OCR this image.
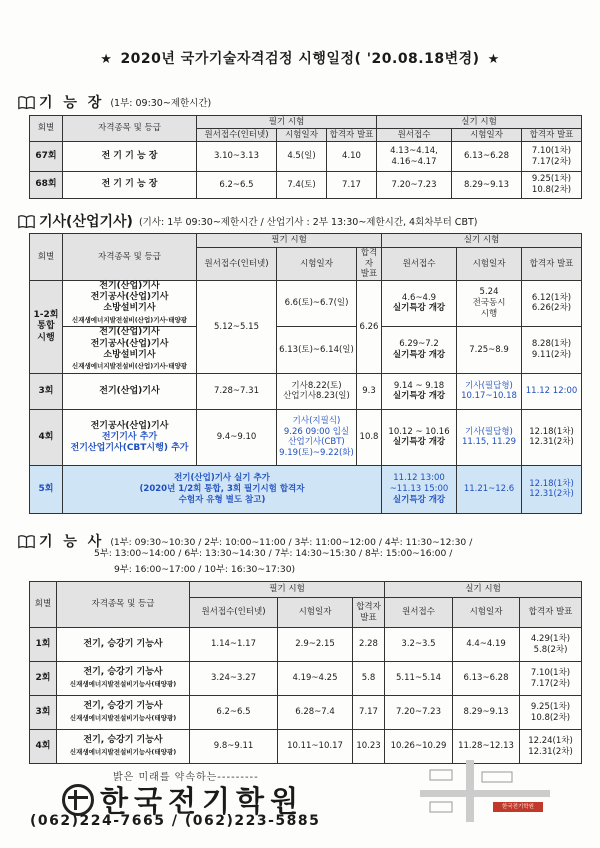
★ 2020년 국가기술자격검정 시행일정( '20.08.18변경) ★
기 능 장 (1부: 09:30~제한시간)
회별	자격종목 및 등급	필기 시험			실기 시험		
		원서접수(인터넷)	시험일자	합격자 발표	원서접수	시험일자	합격자 발표
67회	전 기 기 능 장	3.10~3.13	4.5(일)	4.10	4.13~4.14,
4.16~4.17	6.13~6.28	7.10(1차)
7.17(2차)
68회	전 기 기 능 장	6.2~6.5	7.4(토)	7.17	7.20~7.23	8.29~9.13	9.25(1차)
10.8(2차)
기사(산업기사) (기사: 1부 09:30~제한시간 / 산업기사 : 2부 13:30~제한시간, 4회차부터 CBT)
회별	자격종목 및 등급	필기 시험			실기 시험		
		원서접수(인터넷)	시험일자	합격자
발표	원서접수	시험일자	합격자 발표
1-2회
통합
시행	전기(산업)기사
전기공사(산업)기사
소방설비기사
신재생에너지발전설비(산업)기사·태양광	5.12~5.15	6.6(토)~6.7(일)	6.26	4.6~4.9
실기특강 개강	5.24
전국동시
시행	6.12(1차)
6.26(2차)
	전기(산업)기사
전기공사(산업)기사
소방설비기사
신재생에너지발전설비(산업)기사·태양광		6.13(토)~6.14(일)		6.29~7.2
실기특강 개강	7.25~8.9	8.28(1차)
9.11(2차)
3회	전기(산업)기사	7.28~7.31	기사8.22(토)
산업기사8.23(일)	9.3	9.14 ~ 9.18
실기특강 개강	기사(필답형)
10.17~10.18	11.12 12:00
4회	전기공사(산업)기사
전기기사 추가
전기산업기사(CBT시행) 추가	9.4~9.10	기사(지필식)
9.26 09:00 입실
산업기사(CBT)
9.19(토)~9.22(화)	10.8	10.12 ~ 10.16
실기특강 개강	기사(필답형)
11.15, 11.29	12.18(1차)
12.31(2차)
5회	전기(산업)기사 실기 추가
(2020년 1/2회 통합, 3회 필기시험 합격자
수험자 유형 별도 참고)				11.12 13:00
~11.13 15:00
실기특강 개강	11.21~12.6	12.18(1차)
12.31(2차)
기 능 사 (1부: 09:30~10:30 / 2부: 10:00~11:00 / 3부: 11:00~12:00 / 4부: 11:30~12:30 /
5부: 13:00~14:00 / 6부: 13:30~14:30 / 7부: 14:30~15:30 / 8부: 15:00~16:00 /
9부: 16:00~17:00 / 10부: 16:30~17:30)
회별	자격종목 및 등급	필기 시험			실기 시험		
		원서접수(인터넷)	시험일자	합격자
발표	원서접수	시험일자	합격자 발표
1회	전기, 승강기 기능사	1.14~1.17	2.9~2.15	2.28	3.2~3.5	4.4~4.19	4.29(1차)
5.8(2차)
2회	전기, 승강기 기능사
신재생에너지발전설비기능사(태양광)	3.24~3.27	4.19~4.25	5.8	5.11~5.14	6.13~6.28	7.10(1차)
7.17(2차)
3회	전기, 승강기 기능사
신재생에너지발전설비기능사(태양광)	6.2~6.5	6.28~7.4	7.17	7.20~7.23	8.29~9.13	9.25(1차)
10.8(2차)
4회	전기, 승강기 기능사
신재생에너지발전설비기능사(태양광)	9.8~9.11	10.11~10.17	10.23	10.26~10.29	11.28~12.13	12.24(1차)
12.31(2차)
밝은 미래를 약속하는---------
한국전기학원
(062)224-7665 / (062)223-5885
한국전기학원
